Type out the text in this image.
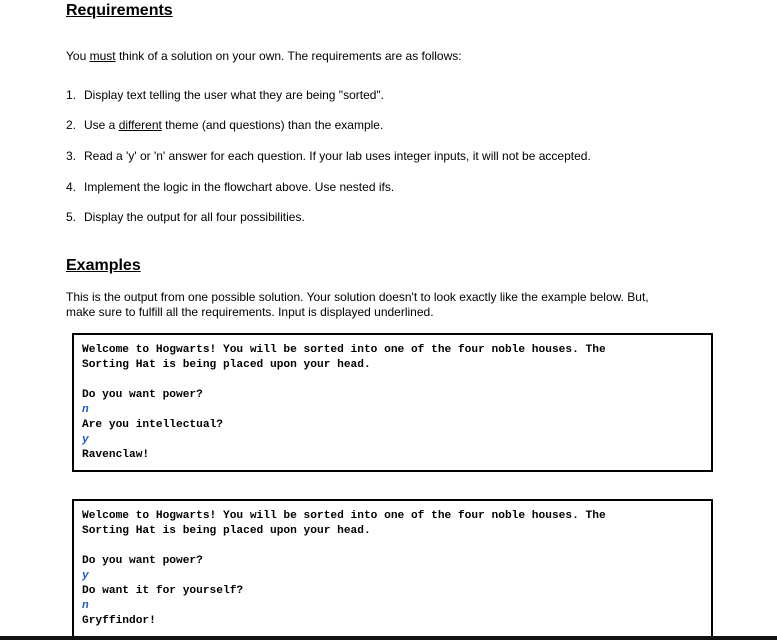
Requirements

You must think of a solution on your own. The requirements are as follows:

1. Display text telling the user what they are being "sorted".
2. Use a different theme (and questions) than the example.
3. Read a 'y' or 'n' answer for each question. If your lab uses integer inputs, it will not be accepted.
4. Implement the logic in the flowchart above. Use nested ifs.
5. Display the output for all four possibilities.
Examples

This is the output from one possible solution. Your solution doesn't to look exactly like the example below. But,
make sure to fulfill all the requirements. Input is displayed underlined.

Welcome to Hogwarts! You will be sorted into one of the four noble houses. The
Sorting Hat is being placed upon your head.
Do you want power?
n
Are you intellectual?
y
Ravenclaw!
Welcome to Hogwarts! You will be sorted into one of the four noble houses. The
Sorting Hat is being placed upon your head.
Do you want power?
y
Do want it for yourself?
n
Gryffindor!
